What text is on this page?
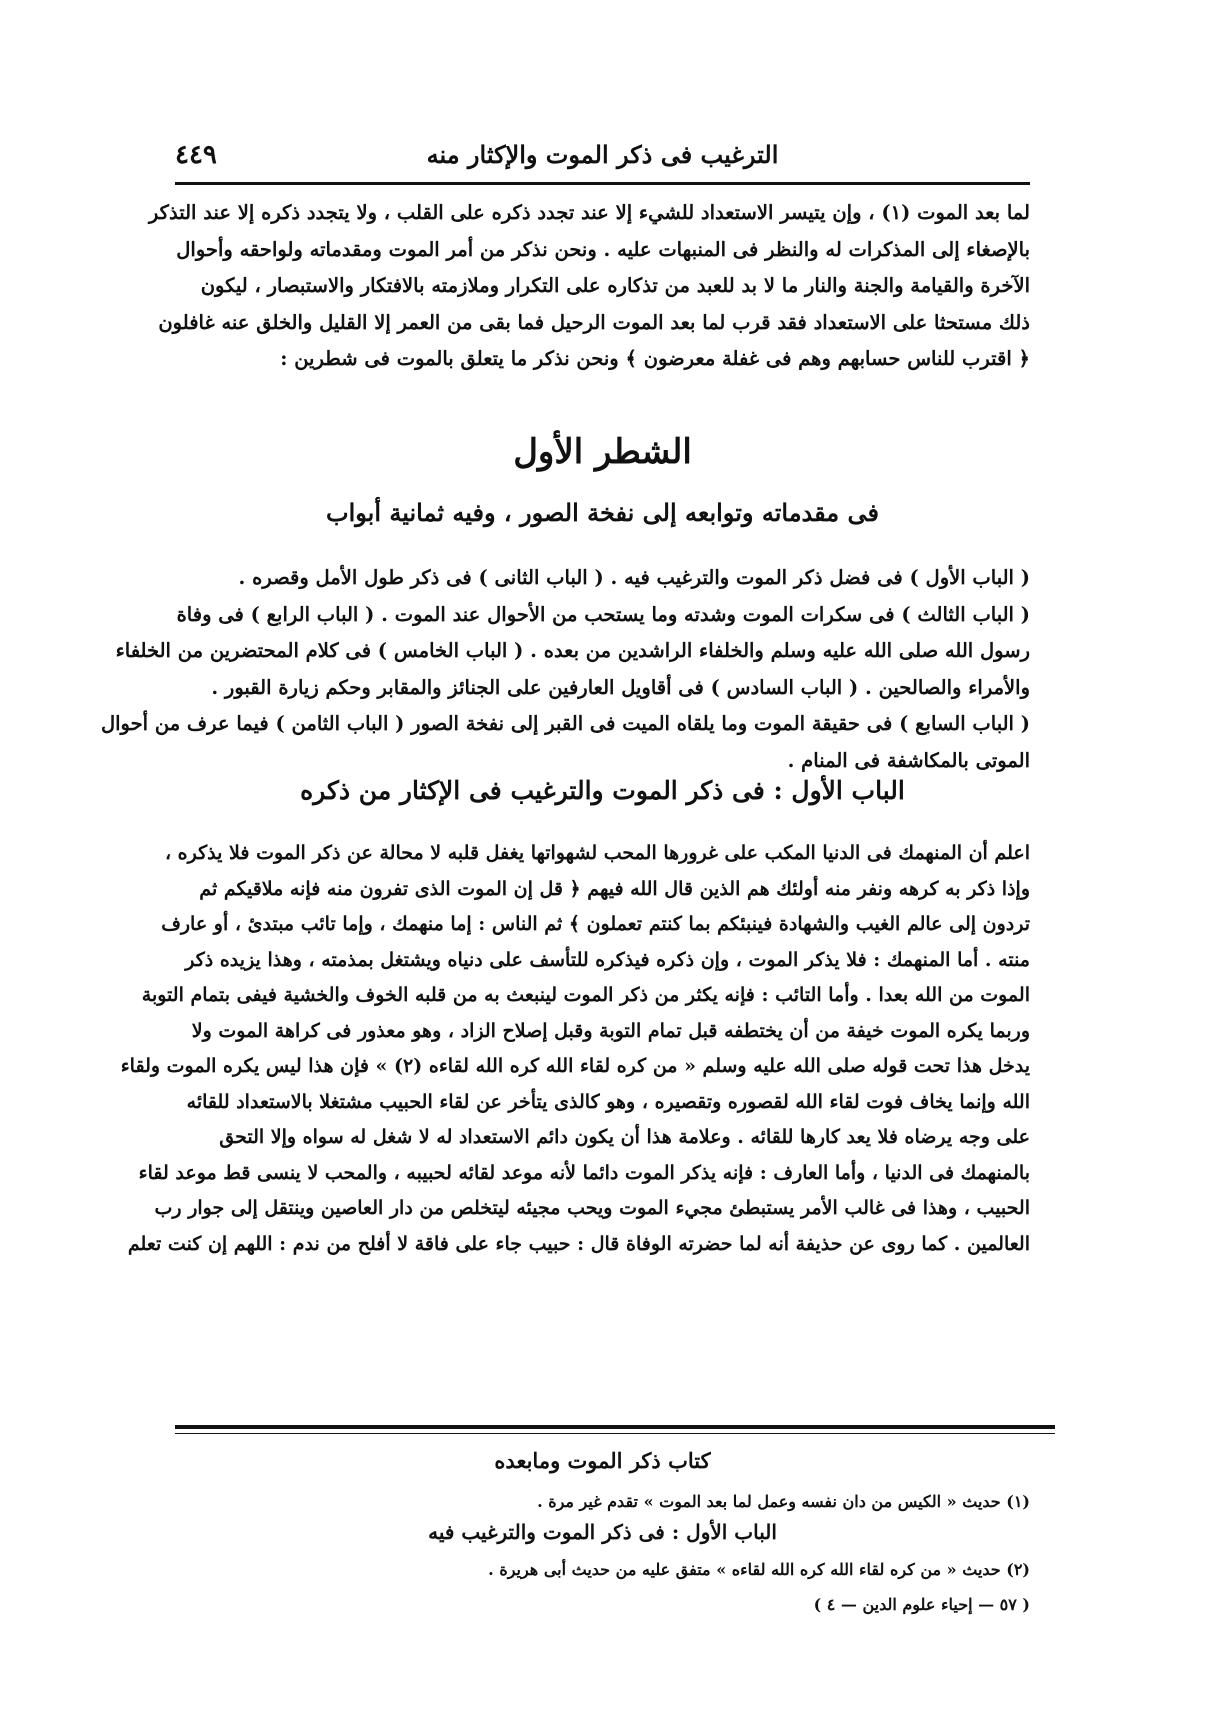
الترغيب فى ذكر الموت والإكثار منه
٤٤٩
لما بعد الموت (١) ، وإن يتيسر الاستعداد للشيء إلا عند تجدد ذكره على القلب ، ولا يتجدد ذكره إلا عند التذكر
بالإصغاء إلى المذكرات له والنظر فى المنبهات عليه . ونحن نذكر من أمر الموت ومقدماته ولواحقه وأحوال
الآخرة والقيامة والجنة والنار ما لا بد للعبد من تذكاره على التكرار وملازمته بالافتكار والاستبصار ، ليكون
ذلك مستحثا على الاستعداد فقد قرب لما بعد الموت الرحيل فما بقى من العمر إلا القليل والخلق عنه غافلون
﴿ اقترب للناس حسابهم وهم فى غفلة معرضون ﴾ ونحن نذكر ما يتعلق بالموت فى شطرين :
الشطر الأول
فى مقدماته وتوابعه إلى نفخة الصور ، وفيه ثمانية أبواب
( الباب الأول ) فى فضل ذكر الموت والترغيب فيه . ( الباب الثانى ) فى ذكر طول الأمل وقصره .
( الباب الثالث ) فى سكرات الموت وشدته وما يستحب من الأحوال عند الموت . ( الباب الرابع ) فى وفاة
رسول الله صلى الله عليه وسلم والخلفاء الراشدين من بعده . ( الباب الخامس ) فى كلام المحتضرين من الخلفاء
والأمراء والصالحين . ( الباب السادس ) فى أقاويل العارفين على الجنائز والمقابر وحكم زيارة القبور .
( الباب السابع ) فى حقيقة الموت وما يلقاه الميت فى القبر إلى نفخة الصور ( الباب الثامن ) فيما عرف من أحوال
الموتى بالمكاشفة فى المنام .
الباب الأول : فى ذكر الموت والترغيب فى الإكثار من ذكره
اعلم أن المنهمك فى الدنيا المكب على غرورها المحب لشهواتها يغفل قلبه لا محالة عن ذكر الموت فلا يذكره ،
وإذا ذكر به كرهه ونفر منه أولئك هم الذين قال الله فيهم ﴿ قل إن الموت الذى تفرون منه فإنه ملاقيكم ثم
تردون إلى عالم الغيب والشهادة فينبئكم بما كنتم تعملون ﴾ ثم الناس : إما منهمك ، وإما تائب مبتدئ ، أو عارف
منته . أما المنهمك : فلا يذكر الموت ، وإن ذكره فيذكره للتأسف على دنياه ويشتغل بمذمته ، وهذا يزيده ذكر
الموت من الله بعدا . وأما التائب : فإنه يكثر من ذكر الموت لينبعث به من قلبه الخوف والخشية فيفى بتمام التوبة
وربما يكره الموت خيفة من أن يختطفه قبل تمام التوبة وقبل إصلاح الزاد ، وهو معذور فى كراهة الموت ولا
يدخل هذا تحت قوله صلى الله عليه وسلم « من كره لقاء الله كره الله لقاءه (٢) » فإن هذا ليس يكره الموت ولقاء
الله وإنما يخاف فوت لقاء الله لقصوره وتقصيره ، وهو كالذى يتأخر عن لقاء الحبيب مشتغلا بالاستعداد للقائه
على وجه يرضاه فلا يعد كارها للقائه . وعلامة هذا أن يكون دائم الاستعداد له لا شغل له سواه وإلا التحق
بالمنهمك فى الدنيا ، وأما العارف : فإنه يذكر الموت دائما لأنه موعد لقائه لحبيبه ، والمحب لا ينسى قط موعد لقاء
الحبيب ، وهذا فى غالب الأمر يستبطئ مجيء الموت ويحب مجيئه ليتخلص من دار العاصين وينتقل إلى جوار رب
العالمين . كما روى عن حذيفة أنه لما حضرته الوفاة قال : حبيب جاء على فاقة لا أفلح من ندم : اللهم إن كنت تعلم
كتاب ذكر الموت ومابعده
(١) حديث « الكيس من دان نفسه وعمل لما بعد الموت » تقدم غير مرة .
الباب الأول : فى ذكر الموت والترغيب فيه
(٢) حديث « من كره لقاء الله كره الله لقاءه » متفق عليه من حديث أبى هريرة .
( ٥٧ — إحياء علوم الدين — ٤ )
